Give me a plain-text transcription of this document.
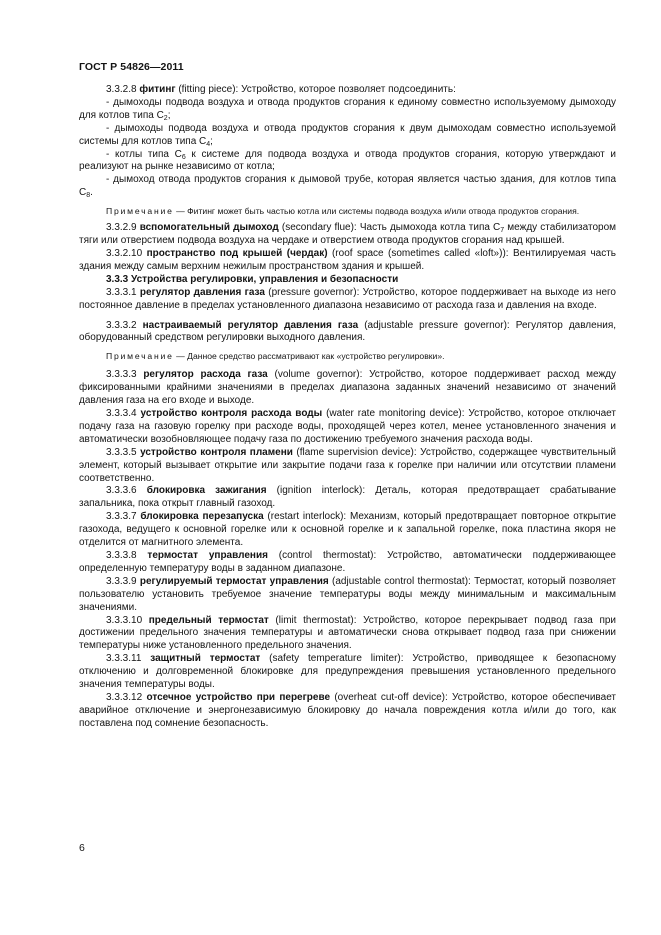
ГОСТ Р 54826—2011

3.3.2.8 фитинг (fitting piece): Устройство, которое позволяет подсоединить:

- дымоходы подвода воздуха и отвода продуктов сгорания к единому совместно используемому дымоходу для котлов типа $C_2$;

- дымоходы подвода воздуха и отвода продуктов сгорания к двум дымоходам совместно используемой системы для котлов типа $C_4$;

- котлы типа $C_6$ к системе для подвода воздуха и отвода продуктов сгорания, которую утверждают и реализуют на рынке независимо от котла;

- дымоход отвода продуктов сгорания к дымовой трубе, которая является частью здания, для котлов типа $C_8$.

Примечание — Фитинг может быть частью котла или системы подвода воздуха и/или отвода продуктов сгорания.

3.3.2.9 вспомогательный дымоход (secondary flue): Часть дымохода котла типа $C_7$ между стабилизатором тяги или отверстием подвода воздуха на чердаке и отверстием отвода продуктов сгорания над крышей.

3.3.2.10 пространство под крышей (чердак) (roof space (sometimes called «loft»)): Вентилируемая часть здания между самым верхним нежилым пространством здания и крышей.

3.3.3 Устройства регулировки, управления и безопасности

3.3.3.1 регулятор давления газа (pressure governor): Устройство, которое поддерживает на выходе из него постоянное давление в пределах установленного диапазона независимо от расхода газа и давления на входе.

3.3.3.2 настраиваемый регулятор давления газа (adjustable pressure governor): Регулятор давления, оборудованный средством регулировки выходного давления.

Примечание — Данное средство рассматривают как «устройство регулировки».

3.3.3.3 регулятор расхода газа (volume governor): Устройство, которое поддерживает расход между фиксированными крайними значениями в пределах диапазона заданных значений независимо от значений давления газа на его входе и выходе.

3.3.3.4 устройство контроля расхода воды (water rate monitoring device): Устройство, которое отключает подачу газа на газовую горелку при расходе воды, проходящей через котел, менее установленного значения и автоматически возобновляющее подачу газа по достижению требуемого значения расхода воды.

3.3.3.5 устройство контроля пламени (flame supervision device): Устройство, содержащее чувствительный элемент, который вызывает открытие или закрытие подачи газа к горелке при наличии или отсутствии пламени соответственно.

3.3.3.6 блокировка зажигания (ignition interlock): Деталь, которая предотвращает срабатывание запальника, пока открыт главный газоход.

3.3.3.7 блокировка перезапуска (restart interlock): Механизм, который предотвращает повторное открытие газохода, ведущего к основной горелке или к основной горелке и к запальной горелке, пока пластина якоря не отделится от магнитного элемента.

3.3.3.8 термостат управления (control thermostat): Устройство, автоматически поддерживающее определенную температуру воды в заданном диапазоне.

3.3.3.9 регулируемый термостат управления (adjustable control thermostat): Термостат, который позволяет пользователю установить требуемое значение температуры воды между минимальным и максимальным значениями.

3.3.3.10 предельный термостат (limit thermostat): Устройство, которое перекрывает подвод газа при достижении предельного значения температуры и автоматически снова открывает подвод газа при снижении температуры ниже установленного предельного значения.

3.3.3.11 защитный термостат (safety temperature limiter): Устройство, приводящее к безопасному отключению и долговременной блокировке для предупреждения превышения установленного предельного значения температуры воды.

3.3.3.12 отсечное устройство при перегреве (overheat cut-off device): Устройство, которое обеспечивает аварийное отключение и энергонезависимую блокировку до начала повреждения котла и/или до того, как поставлена под сомнение безопасность.

6
